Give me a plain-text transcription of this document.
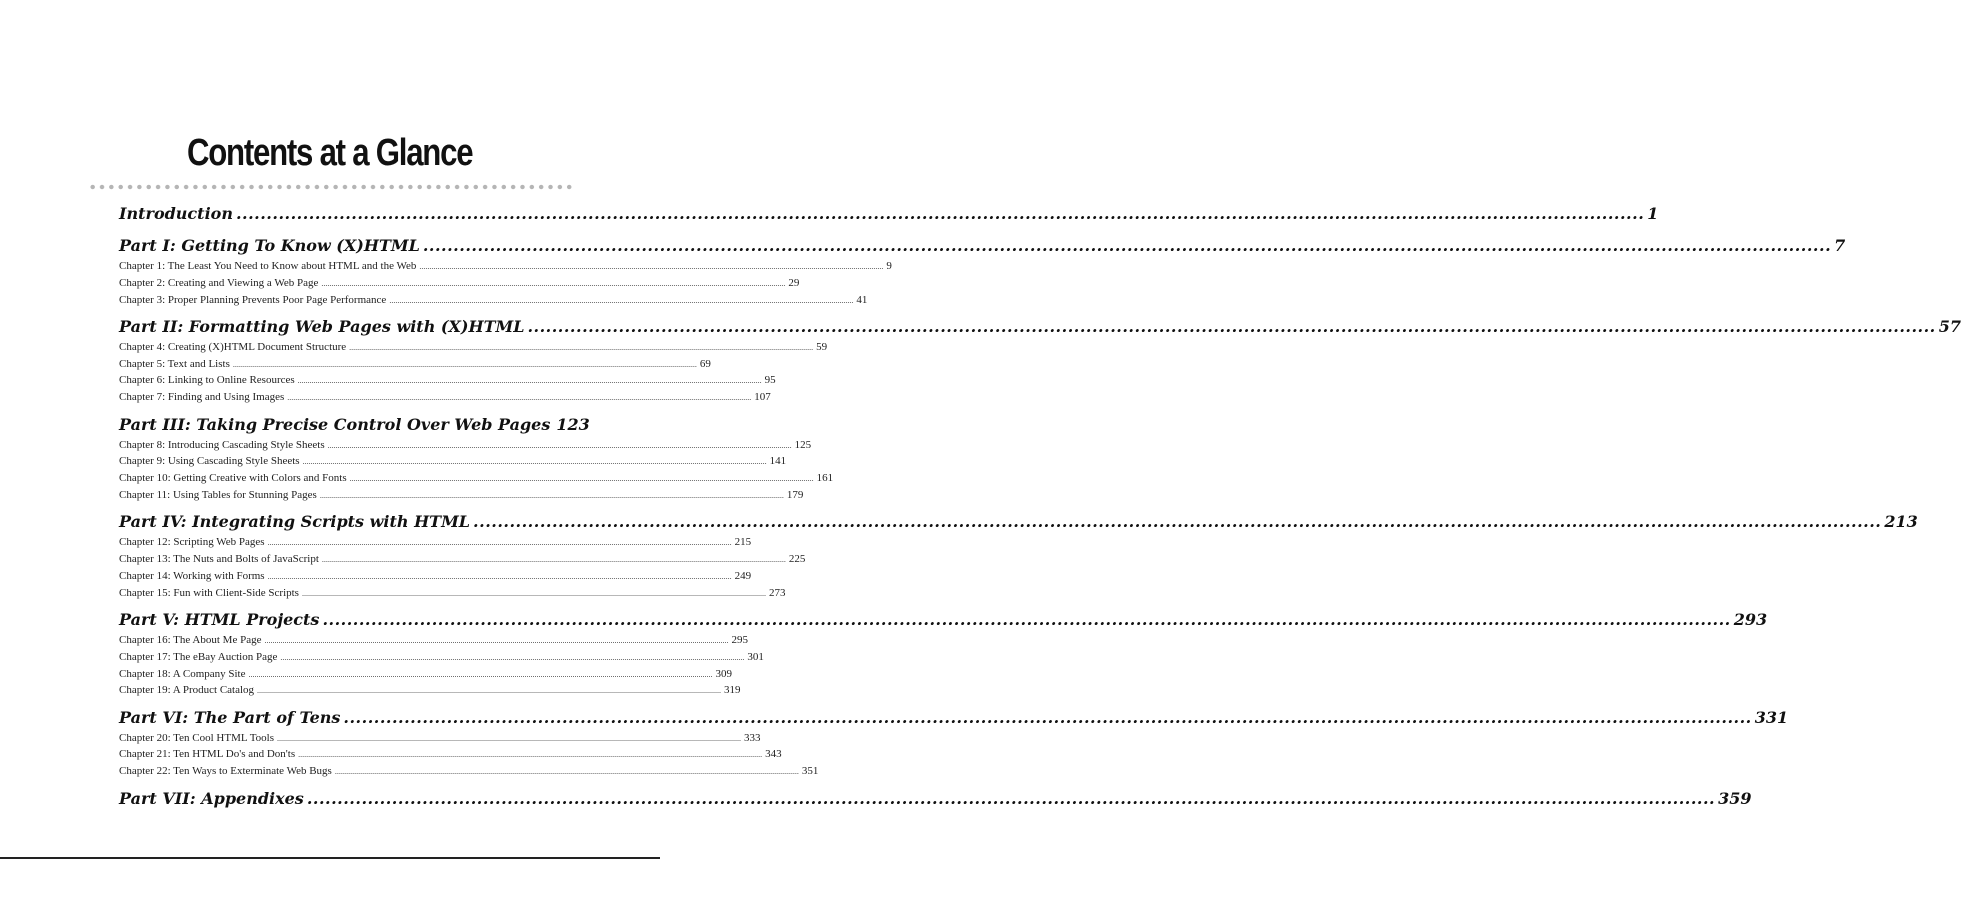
Contents at a Glance
Introduction .....	1
Part I: Getting To Know (X)HTML .....	7
Chapter 1: The Least You Need to Know about HTML and the Web .....	9
Chapter 2: Creating and Viewing a Web Page .....	29
Chapter 3: Proper Planning Prevents Poor Page Performance .....	41
Part II: Formatting Web Pages with (X)HTML .....	57
Chapter 4: Creating (X)HTML Document Structure .....	59
Chapter 5: Text and Lists .....	69
Chapter 6: Linking to Online Resources .....	95
Chapter 7: Finding and Using Images .....	107
Part III: Taking Precise Control Over Web Pages 123
Chapter 8: Introducing Cascading Style Sheets .....	125
Chapter 9: Using Cascading Style Sheets .....	141
Chapter 10: Getting Creative with Colors and Fonts .....	161
Chapter 11: Using Tables for Stunning Pages .....	179
Part IV: Integrating Scripts with HTML .....	213
Chapter 12: Scripting Web Pages .....	215
Chapter 13: The Nuts and Bolts of JavaScript .....	225
Chapter 14: Working with Forms .....	249
Chapter 15: Fun with Client-Side Scripts .....	273
Part V: HTML Projects .....	293
Chapter 16: The About Me Page .....	295
Chapter 17: The eBay Auction Page .....	301
Chapter 18: A Company Site .....	309
Chapter 19: A Product Catalog .....	319
Part VI: The Part of Tens .....	331
Chapter 20: Ten Cool HTML Tools .....	333
Chapter 21: Ten HTML Do's and Don'ts .....	343
Chapter 22: Ten Ways to Exterminate Web Bugs .....	351
Part VII: Appendixes .....	359
